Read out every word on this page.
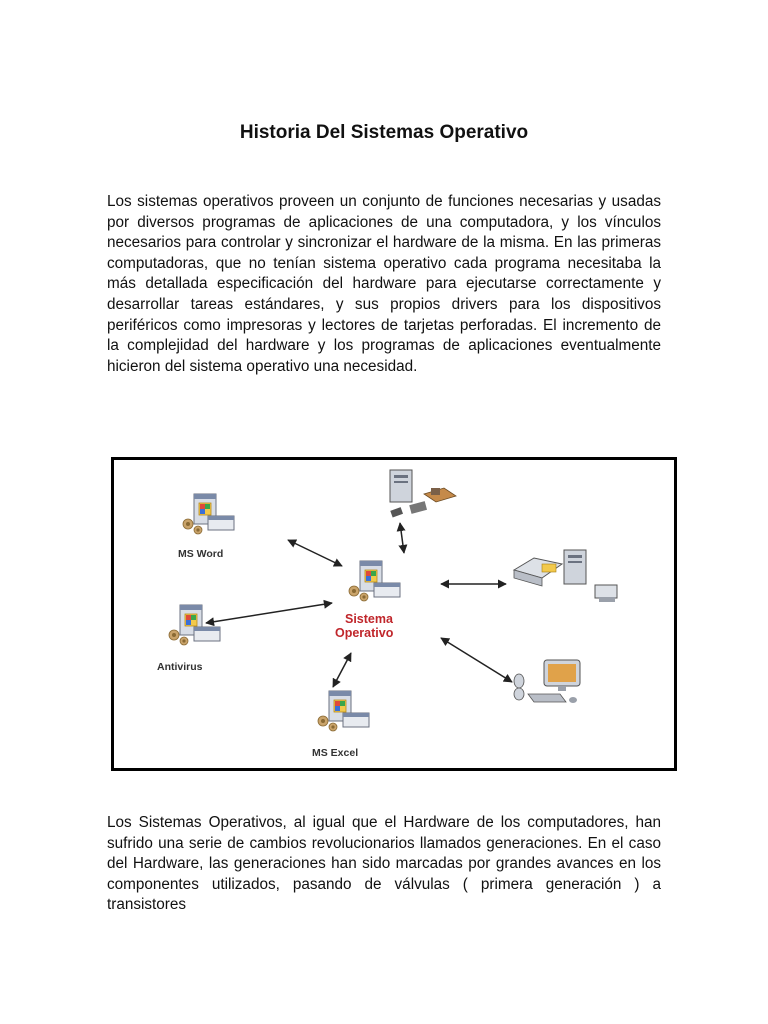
Historia Del Sistemas Operativo

Los sistemas operativos proveen un conjunto de funciones necesarias y usadas por diversos programas de aplicaciones de una computadora, y los vínculos necesarios para controlar y sincronizar el hardware de la misma. En las primeras computadoras, que no tenían sistema operativo cada programa necesitaba la más detallada especificación del hardware para ejecutarse correctamente y desarrollar tareas estándares, y sus propios drivers para los dispositivos periféricos como impresoras y lectores de tarjetas perforadas. El incremento de la complejidad del hardware y los programas de aplicaciones eventualmente hicieron del sistema operativo una necesidad.

MS Word
Antivirus
MS Excel
Sistema
Operativo

Los Sistemas Operativos, al igual que el Hardware de los computadores, han sufrido una serie de cambios revolucionarios llamados generaciones. En el caso del Hardware, las generaciones han sido marcadas por grandes avances en los componentes utilizados, pasando de válvulas ( primera generación ) a transistores
